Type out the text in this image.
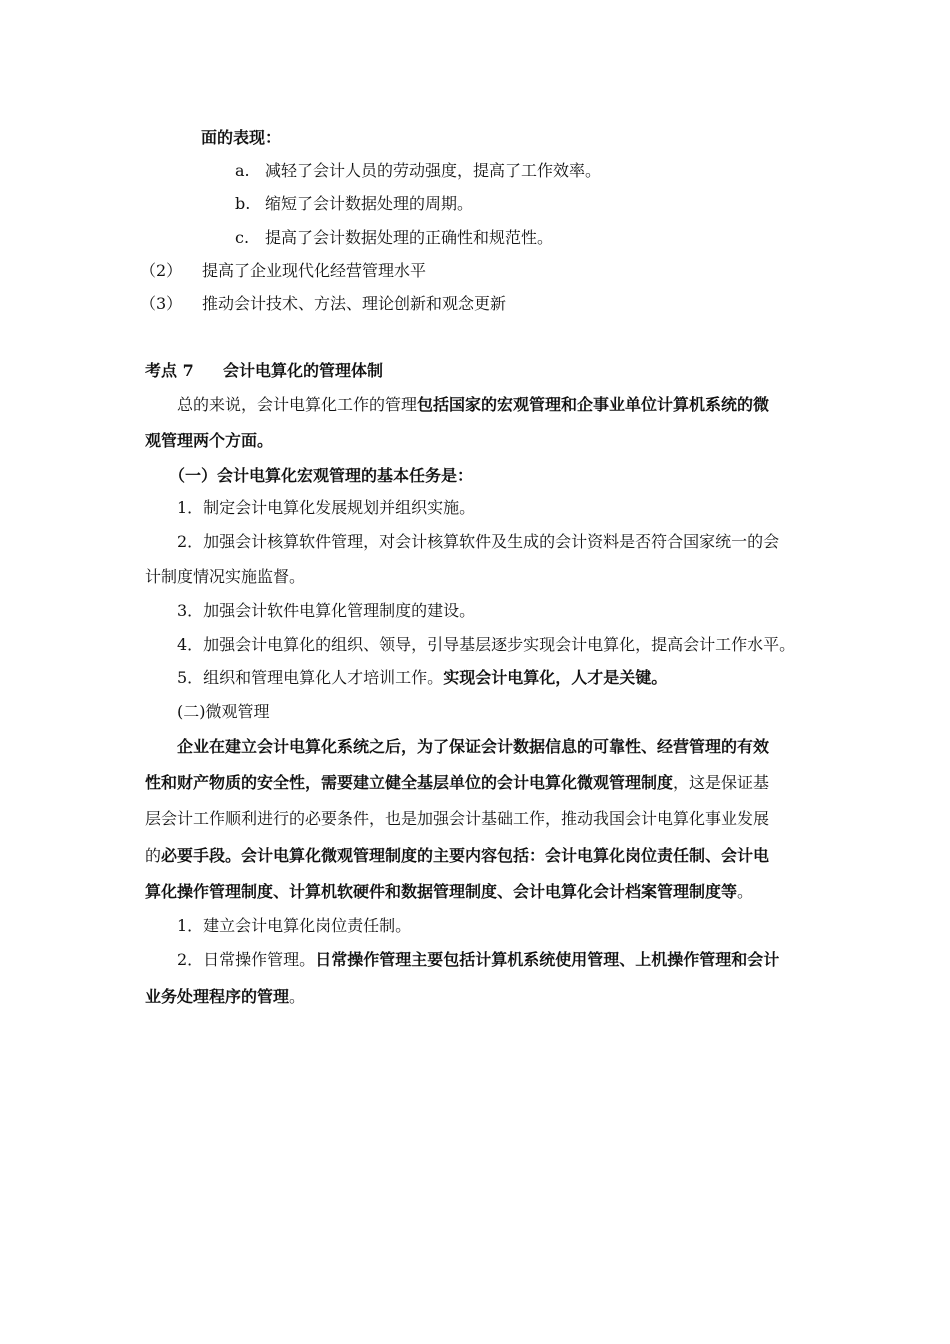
面的表现：

a. 减轻了会计人员的劳动强度，提高了工作效率。

b. 缩短了会计数据处理的周期。

c. 提高了会计数据处理的正确性和规范性。

（2） 提高了企业现代化经营管理水平

（3） 推动会计技术、方法、理论创新和观念更新

考点 7 会计电算化的管理体制

总的来说，会计电算化工作的管理包括国家的宏观管理和企事业单位计算机系统的微

观管理两个方面。

（一）会计电算化宏观管理的基本任务是：

1．制定会计电算化发展规划并组织实施。

2．加强会计核算软件管理，对会计核算软件及生成的会计资料是否符合国家统一的会

计制度情况实施监督。

3．加强会计软件电算化管理制度的建设。

4．加强会计电算化的组织、领导，引导基层逐步实现会计电算化，提高会计工作水平。

5．组织和管理电算化人才培训工作。实现会计电算化，人才是关键。

(二)微观管理

企业在建立会计电算化系统之后，为了保证会计数据信息的可靠性、经营管理的有效

性和财产物质的安全性，需要建立健全基层单位的会计电算化微观管理制度，这是保证基

层会计工作顺利进行的必要条件，也是加强会计基础工作，推动我国会计电算化事业发展

的必要手段。会计电算化微观管理制度的主要内容包括：会计电算化岗位责任制、会计电

算化操作管理制度、计算机软硬件和数据管理制度、会计电算化会计档案管理制度等。

1．建立会计电算化岗位责任制。

2．日常操作管理。日常操作管理主要包括计算机系统使用管理、上机操作管理和会计

业务处理程序的管理。
